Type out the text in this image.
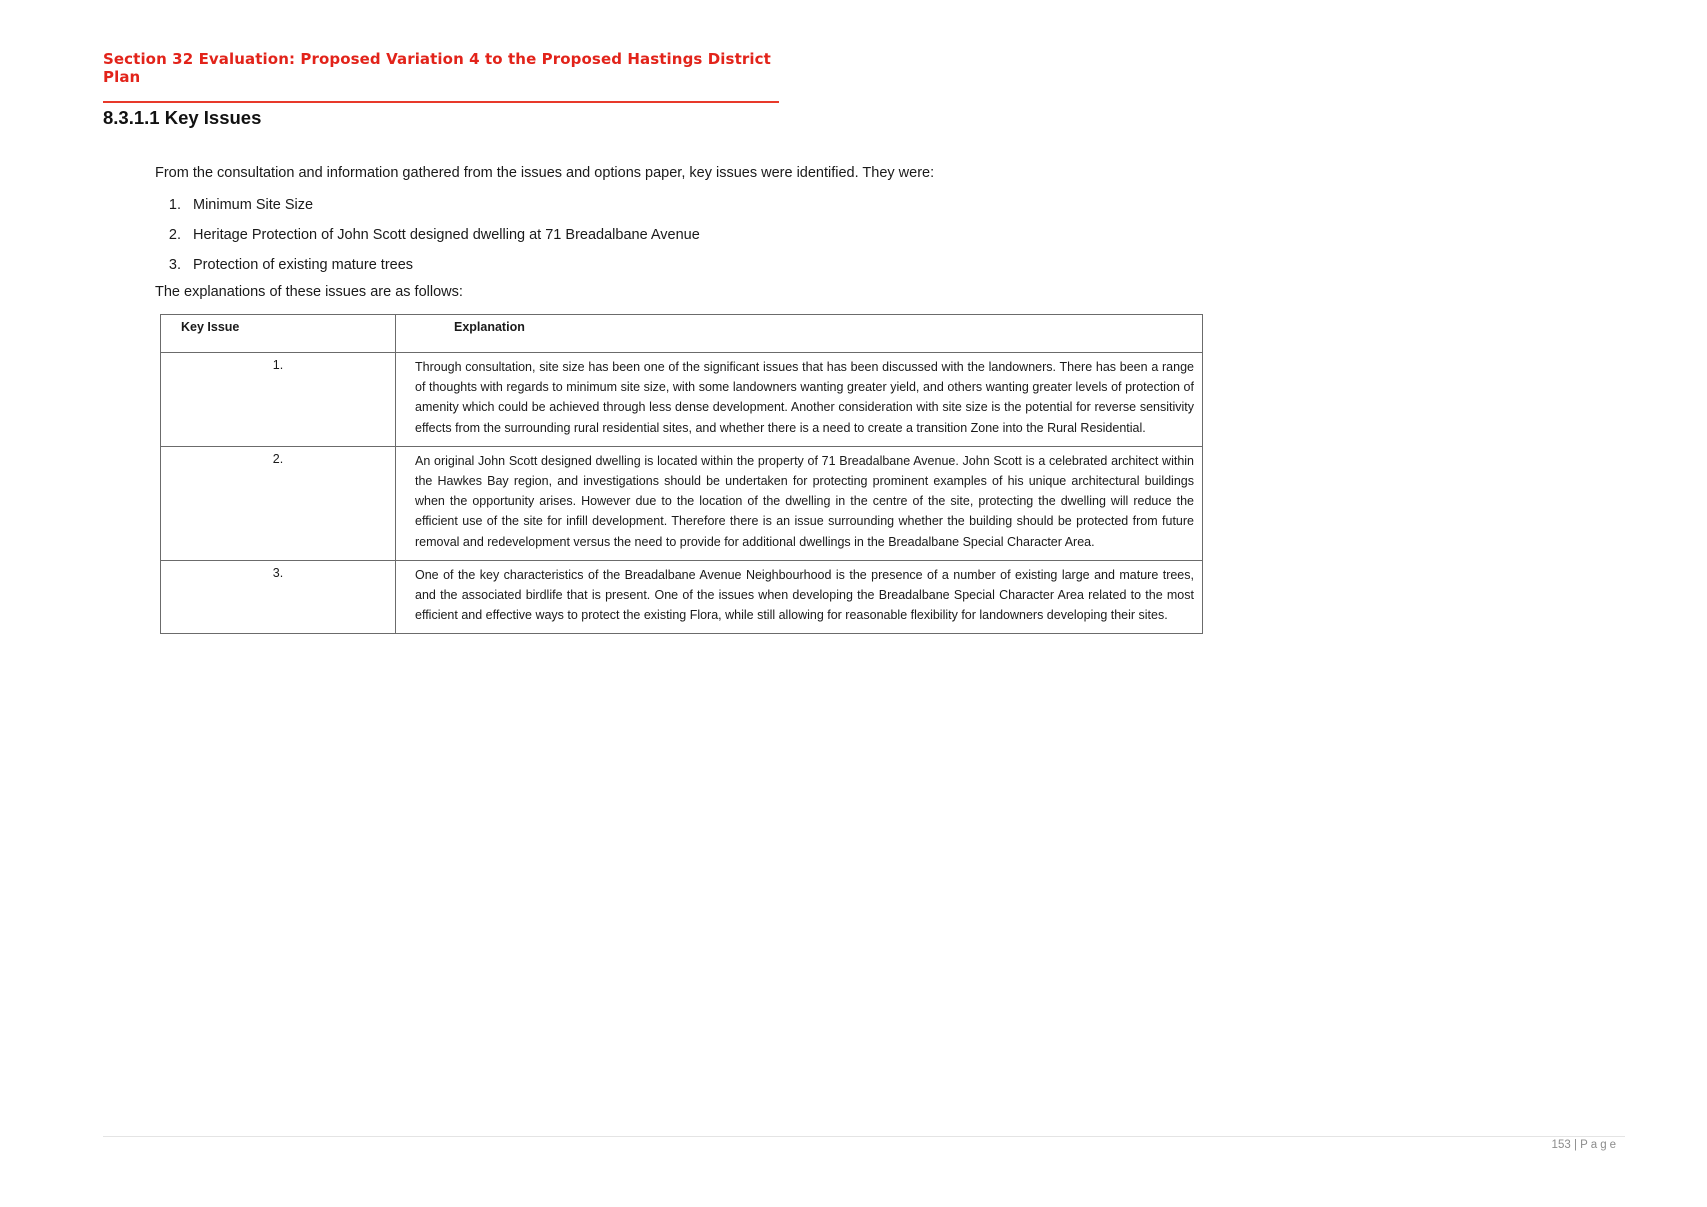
Section 32 Evaluation: Proposed Variation 4 to the Proposed Hastings District Plan
8.3.1.1 Key Issues
From the consultation and information gathered from the issues and options paper, key issues were identified. They were:
1. Minimum Site Size
2. Heritage Protection of John Scott designed dwelling at 71 Breadalbane Avenue
3. Protection of existing mature trees
The explanations of these issues are as follows:
Key Issue	Explanation
1.	Through consultation, site size has been one of the significant issues that has been discussed with the landowners. There has been a range of thoughts with regards to minimum site size, with some landowners wanting greater yield, and others wanting greater levels of protection of amenity which could be achieved through less dense development. Another consideration with site size is the potential for reverse sensitivity effects from the surrounding rural residential sites, and whether there is a need to create a transition Zone into the Rural Residential.
2.	An original John Scott designed dwelling is located within the property of 71 Breadalbane Avenue. John Scott is a celebrated architect within the Hawkes Bay region, and investigations should be undertaken for protecting prominent examples of his unique architectural buildings when the opportunity arises. However due to the location of the dwelling in the centre of the site, protecting the dwelling will reduce the efficient use of the site for infill development. Therefore there is an issue surrounding whether the building should be protected from future removal and redevelopment versus the need to provide for additional dwellings in the Breadalbane Special Character Area.
3.	One of the key characteristics of the Breadalbane Avenue Neighbourhood is the presence of a number of existing large and mature trees, and the associated birdlife that is present. One of the issues when developing the Breadalbane Special Character Area related to the most efficient and effective ways to protect the existing Flora, while still allowing for reasonable flexibility for landowners developing their sites.
153 | Page
